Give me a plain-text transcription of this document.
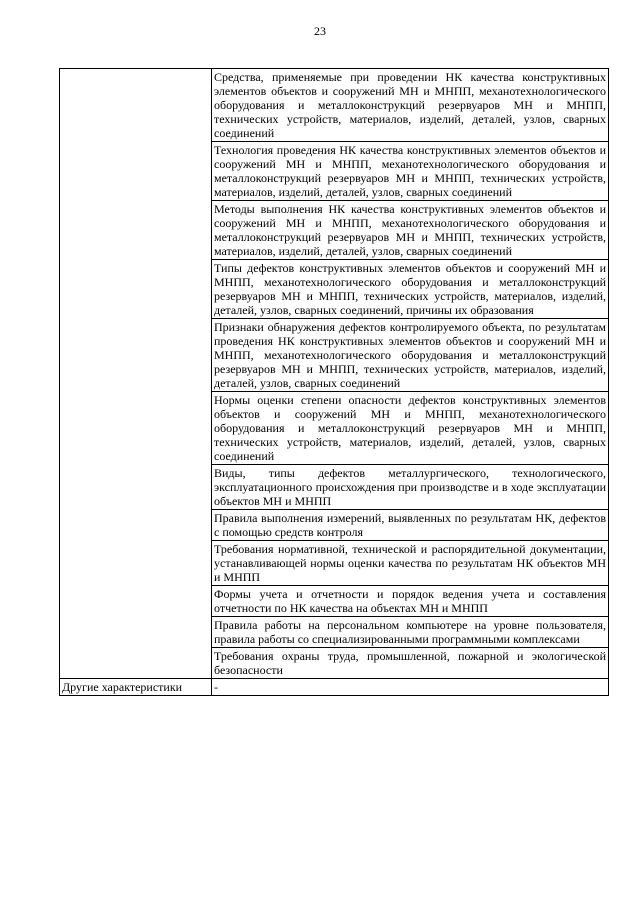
23
	Средства, применяемые при проведении НК качества конструктивных элементов объектов и сооружений МН и МНПП, механотехнологического оборудования и металлоконструкций резервуаров МН и МНПП, технических устройств, материалов, изделий, деталей, узлов, сварных соединений
	Технология проведения НК качества конструктивных элементов объектов и сооружений МН и МНПП, механотехнологического оборудования и металлоконструкций резервуаров МН и МНПП, технических устройств, материалов, изделий, деталей, узлов, сварных соединений
	Методы выполнения НК качества конструктивных элементов объектов и сооружений МН и МНПП, механотехнологического оборудования и металлоконструкций резервуаров МН и МНПП, технических устройств, материалов, изделий, деталей, узлов, сварных соединений
	Типы дефектов конструктивных элементов объектов и сооружений МН и МНПП, механотехнологического оборудования и металлоконструкций резервуаров МН и МНПП, технических устройств, материалов, изделий, деталей, узлов, сварных соединений, причины их образования
	Признаки обнаружения дефектов контролируемого объекта, по результатам проведения НК конструктивных элементов объектов и сооружений МН и МНПП, механотехнологического оборудования и металлоконструкций резервуаров МН и МНПП, технических устройств, материалов, изделий, деталей, узлов, сварных соединений
	Нормы оценки степени опасности дефектов конструктивных элементов объектов и сооружений МН и МНПП, механотехнологического оборудования и металлоконструкций резервуаров МН и МНПП, технических устройств, материалов, изделий, деталей, узлов, сварных соединений
	Виды, типы дефектов металлургического, технологического, эксплуатационного происхождения при производстве и в ходе эксплуатации объектов МН и МНПП
	Правила выполнения измерений, выявленных по результатам НК, дефектов с помощью средств контроля
	Требования нормативной, технической и распорядительной документации, устанавливающей нормы оценки качества по результатам НК объектов МН и МНПП
	Формы учета и отчетности и порядок ведения учета и составления отчетности по НК качества на объектах МН и МНПП
	Правила работы на персональном компьютере на уровне пользователя, правила работы со специализированными программными комплексами
	Требования охраны труда, промышленной, пожарной и экологической безопасности
Другие характеристики	-
